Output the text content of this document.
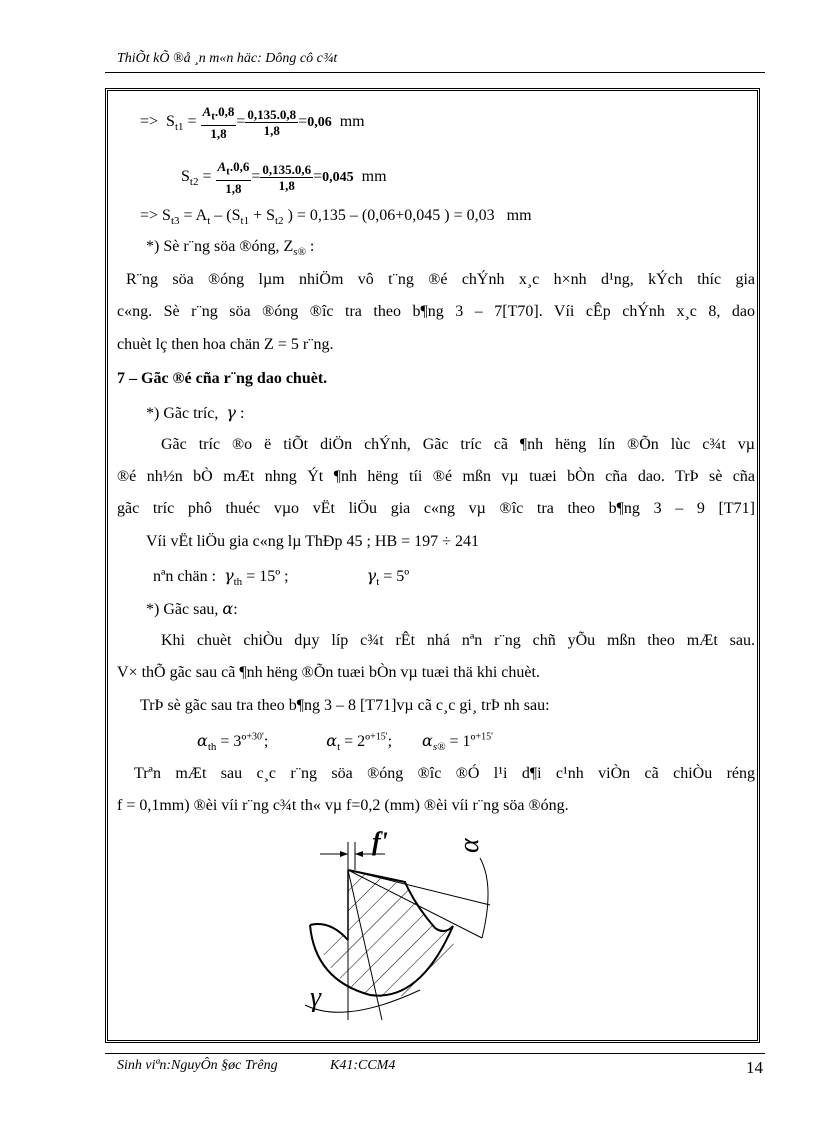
ThiÕt kÕ ®å ¸n m«n häc: Dông cô c¾t
=> $S_{t1} = \frac{A_t.0,8}{1,8} = \frac{0,135.0,8}{1,8} =0,06$ mm
$S_{t2} = \frac{A_t.0,6}{1,8} = \frac{0,135.0,6}{1,8} =0,045$ mm
=> $S_{t3} = A_t - (S_{t1} + S_{t2}$ ) = 0,135 – (0,06+0,045 ) = 0,03   mm
*) Sè r¨ng söa ®óng, $Z_{s®}$ :
R¨ng söa ®óng lµm nhiÖm vô t¨ng ®é chÝnh x¸c h×nh d¹ng, kÝch thíc gia
c«ng. Sè r¨ng söa ®óng ®îc tra theo b¶ng 3 – 7[T70]. Víi cÊp chÝnh x¸c 8, dao
chuèt lç then hoa chän Z = 5 r¨ng.
7 – Gãc ®é cña r¨ng dao chuèt.
*) Gãc tríc, γ :
Gãc tríc ®o ë tiÕt diÖn chÝnh, Gãc tríc cã ¶nh hëng lín ®Õn lùc c¾t vµ
®é nh½n bÒ mÆt nhng Ýt ¶nh hëng tíi ®é mßn vµ tuæi bÒn cña dao. TrÞ sè cña
gãc tríc phô thuéc vµo vËt liÖu gia c«ng vµ ®îc tra theo b¶ng 3 – 9 [T71]
Víi vËt liÖu gia c«ng lµ ThÐp 45 ; HB = 197 ÷ 241
nªn chän : $\gamma_{th}$ = 15º ;	$\gamma_t$ = 5º
*) Gãc sau, α:
Khi chuèt chiÒu dµy líp c¾t rÊt nhá nªn r¨ng chñ yÕu mßn theo mÆt sau.
V× thÕ gãc sau cã ¶nh hëng ®Õn tuæi bÒn vµ tuæi thä khi chuèt.
TrÞ sè gãc sau tra theo b¶ng 3 – 8 [T71]vµ cã c¸c gi¸ trÞ nh sau:
$\alpha_{th}$ = 3º$^{+30'}$;	$\alpha_t$ = 2º$^{+15'}$;  $\alpha_{s®}$ = 1º$^{+15'}$
Trªn mÆt sau c¸c r¨ng söa ®óng ®îc ®Ó l¹i d¶i c¹nh viÒn cã chiÒu réng
f = 0,1mm) ®èi víi r¨ng c¾t th« vµ f=0,2 (mm) ®èi víi r¨ng söa ®óng.
f' α
γ
Sinh viªn:NguyÔn §øc Trêng	K41:CCM4	14
